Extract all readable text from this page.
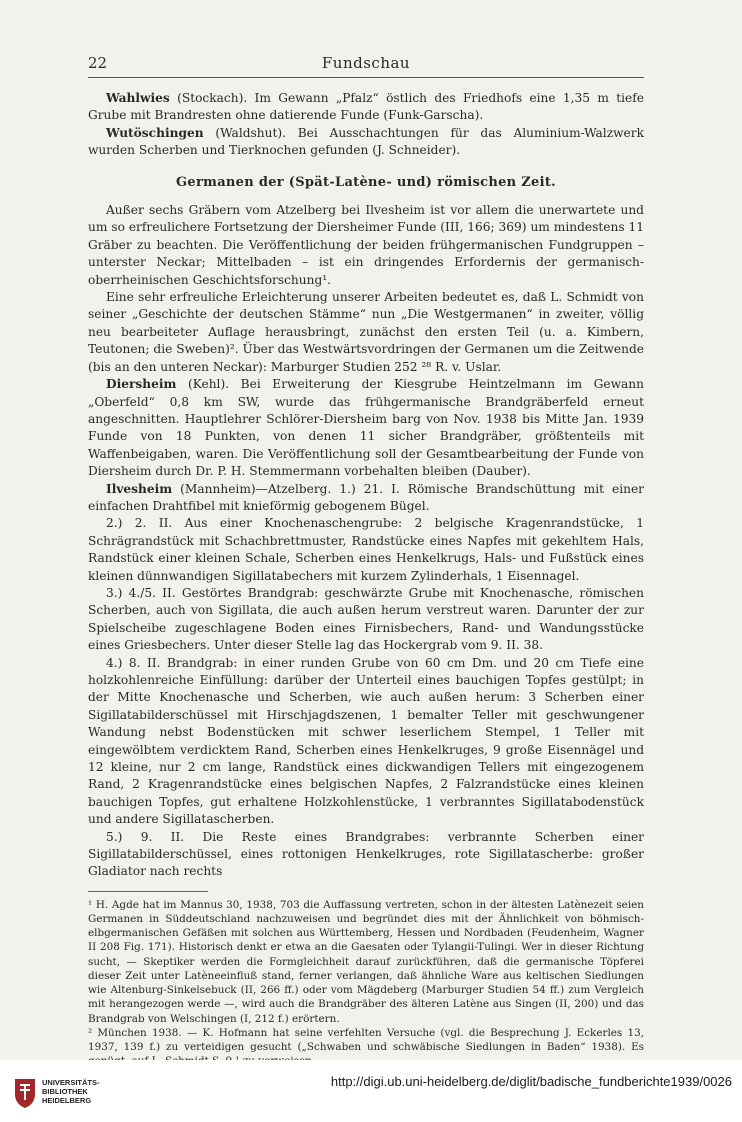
22	Fundschau

Wahlwies (Stockach). Im Gewann „Pfalz“ östlich des Friedhofs eine 1,35 m tiefe Grube mit Brandresten ohne datierende Funde (Funk-Garscha).

Wutöschingen (Waldshut). Bei Ausschachtungen für das Aluminium-Walzwerk wurden Scherben und Tierknochen gefunden (J. Schneider).

Germanen der (Spät-Latène- und) römischen Zeit.

Außer sechs Gräbern vom Atzelberg bei Ilvesheim ist vor allem die unerwartete und um so erfreulichere Fortsetzung der Diersheimer Funde (III, 166; 369) um mindestens 11 Gräber zu beachten. Die Veröffentlichung der beiden frühgermanischen Fundgruppen – unterster Neckar; Mittelbaden – ist ein dringendes Erfordernis der germanisch-oberrheinischen Geschichtsforschung¹.

Eine sehr erfreuliche Erleichterung unserer Arbeiten bedeutet es, daß L. Schmidt von seiner „Geschichte der deutschen Stämme“ nun „Die Westgermanen“ in zweiter, völlig neu bearbeiteter Auflage herausbringt, zunächst den ersten Teil (u. a. Kimbern, Teutonen; die Sweben)². Über das Westwärtsvordringen der Germanen um die Zeitwende (bis an den unteren Neckar): Marburger Studien 252 ²⁸ R. v. Uslar.

Diersheim (Kehl). Bei Erweiterung der Kiesgrube Heintzelmann im Gewann „Oberfeld“ 0,8 km SW, wurde das frühgermanische Brandgräberfeld erneut angeschnitten. Hauptlehrer Schlörer-Diersheim barg von Nov. 1938 bis Mitte Jan. 1939 Funde von 18 Punkten, von denen 11 sicher Brandgräber, größtenteils mit Waffenbeigaben, waren. Die Veröffentlichung soll der Gesamtbearbeitung der Funde von Diersheim durch Dr. P. H. Stemmermann vorbehalten bleiben (Dauber).

Ilvesheim (Mannheim)—Atzelberg. 1.) 21. I. Römische Brandschüttung mit einer einfachen Drahtfibel mit knieförmig gebogenem Bügel.

2.) 2. II. Aus einer Knochenaschengrube: 2 belgische Kragenrandstücke, 1 Schrägrandstück mit Schachbrettmuster, Randstücke eines Napfes mit gekehltem Hals, Randstück einer kleinen Schale, Scherben eines Henkelkrugs, Hals- und Fußstück eines kleinen dünnwandigen Sigillatabechers mit kurzem Zylinderhals, 1 Eisennagel.

3.) 4./5. II. Gestörtes Brandgrab: geschwärzte Grube mit Knochenasche, römischen Scherben, auch von Sigillata, die auch außen herum verstreut waren. Darunter der zur Spielscheibe zugeschlagene Boden eines Firnisbechers, Rand- und Wandungsstücke eines Griesbechers. Unter dieser Stelle lag das Hockergrab vom 9. II. 38.

4.) 8. II. Brandgrab: in einer runden Grube von 60 cm Dm. und 20 cm Tiefe eine holzkohlenreiche Einfüllung: darüber der Unterteil eines bauchigen Topfes gestülpt; in der Mitte Knochenasche und Scherben, wie auch außen herum: 3 Scherben einer Sigillatabilderschüssel mit Hirschjagdszenen, 1 bemalter Teller mit geschwungener Wandung nebst Bodenstücken mit schwer leserlichem Stempel, 1 Teller mit eingewölbtem verdicktem Rand, Scherben eines Henkelkruges, 9 große Eisennägel und 12 kleine, nur 2 cm lange, Randstück eines dickwandigen Tellers mit eingezogenem Rand, 2 Kragenrandstücke eines belgischen Napfes, 2 Falzrandstücke eines kleinen bauchigen Topfes, gut erhaltene Holzkohlenstücke, 1 verbranntes Sigillatabodenstück und andere Sigillatascherben.

5.) 9. II. Die Reste eines Brandgrabes: verbrannte Scherben einer Sigillatabilderschüssel, eines rottonigen Henkelkruges, rote Sigillatascherbe: großer Gladiator nach rechts

¹ H. Agde hat im Mannus 30, 1938, 703 die Auffassung vertreten, schon in der ältesten Latènezeit seien Germanen in Süddeutschland nachzuweisen und begründet dies mit der Ähnlichkeit von böhmisch-elbgermanischen Gefäßen mit solchen aus Württemberg, Hessen und Nordbaden (Feudenheim, Wagner II 208 Fig. 171). Historisch denkt er etwa an die Gaesaten oder Tylangii-Tulingi. Wer in dieser Richtung sucht, — Skeptiker werden die Formgleichheit darauf zurückführen, daß die germanische Töpferei dieser Zeit unter Latèneeinfluß stand, ferner verlangen, daß ähnliche Ware aus keltischen Siedlungen wie Altenburg-Sinkelsebuck (II, 266 ff.) oder vom Mägdeberg (Marburger Studien 54 ff.) zum Vergleich mit herangezogen werde —, wird auch die Brandgräber des älteren Latène aus Singen (II, 200) und das Brandgrab von Welschingen (I, 212 f.) erörtern.

² München 1938. — K. Hofmann hat seine verfehlten Versuche (vgl. die Besprechung J. Eckerles 13, 1937, 139 f.) zu verteidigen gesucht („Schwaben und schwäbische Siedlungen in Baden“ 1938). Es

UNIVERSITÄTS-
BIBLIOTHEK
HEIDELBERG
http://digi.ub.uni-heidelberg.de/diglit/badische_fundberichte1939/0026
